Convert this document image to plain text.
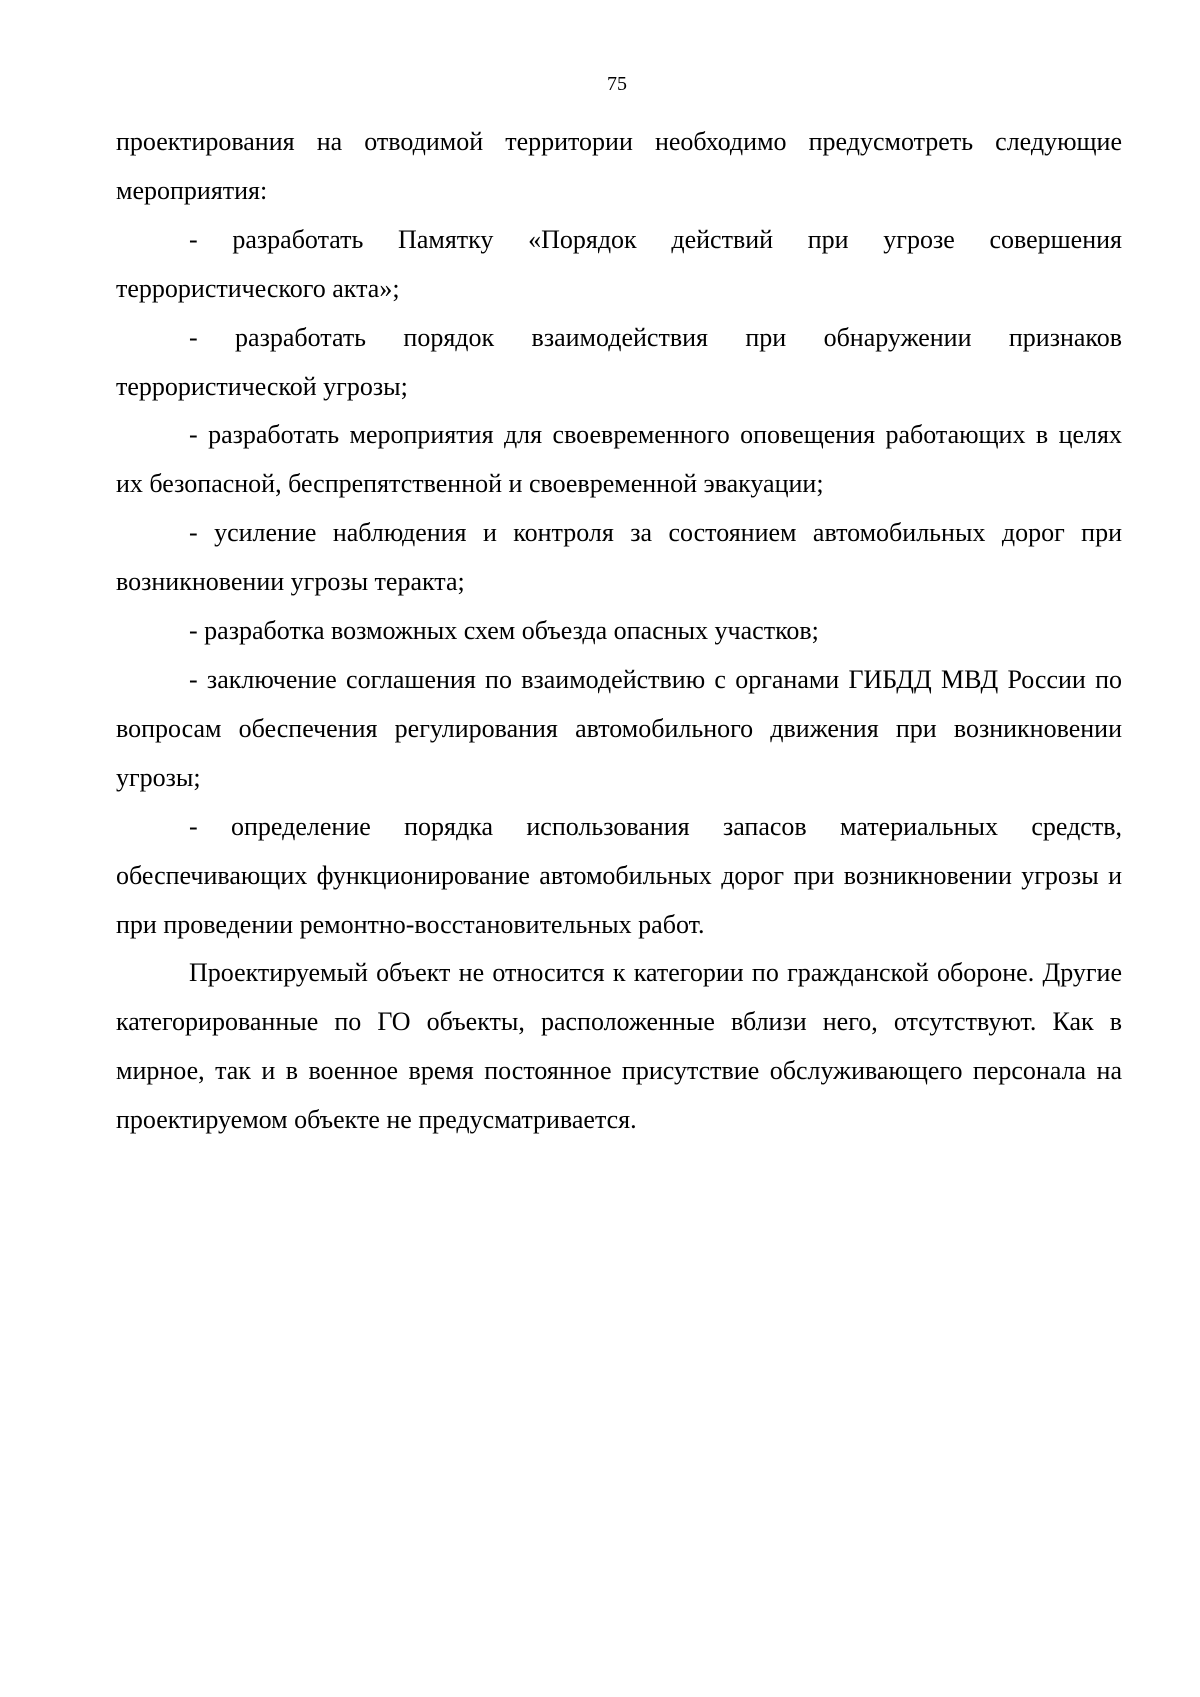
75

проектирования на отводимой территории необходимо предусмотреть следующие мероприятия:

- разработать Памятку «Порядок действий при угрозе совершения террористического акта»;

- разработать порядок взаимодействия при обнаружении признаков террористической угрозы;

- разработать мероприятия для своевременного оповещения работающих в целях их безопасной, беспрепятственной и своевременной эвакуации;

- усиление наблюдения и контроля за состоянием автомобильных дорог при возникновении угрозы теракта;

- разработка возможных схем объезда опасных участков;

- заключение соглашения по взаимодействию с органами ГИБДД МВД России по вопросам обеспечения регулирования автомобильного движения при возникновении угрозы;

- определение порядка использования запасов материальных средств, обеспечивающих функционирование автомобильных дорог при возникновении угрозы и при проведении ремонтно-восстановительных работ.

Проектируемый объект не относится к категории по гражданской обороне. Другие категорированные по ГО объекты, расположенные вблизи него, отсутствуют. Как в мирное, так и в военное время постоянное присутствие обслуживающего персонала на проектируемом объекте не предусматривается.
